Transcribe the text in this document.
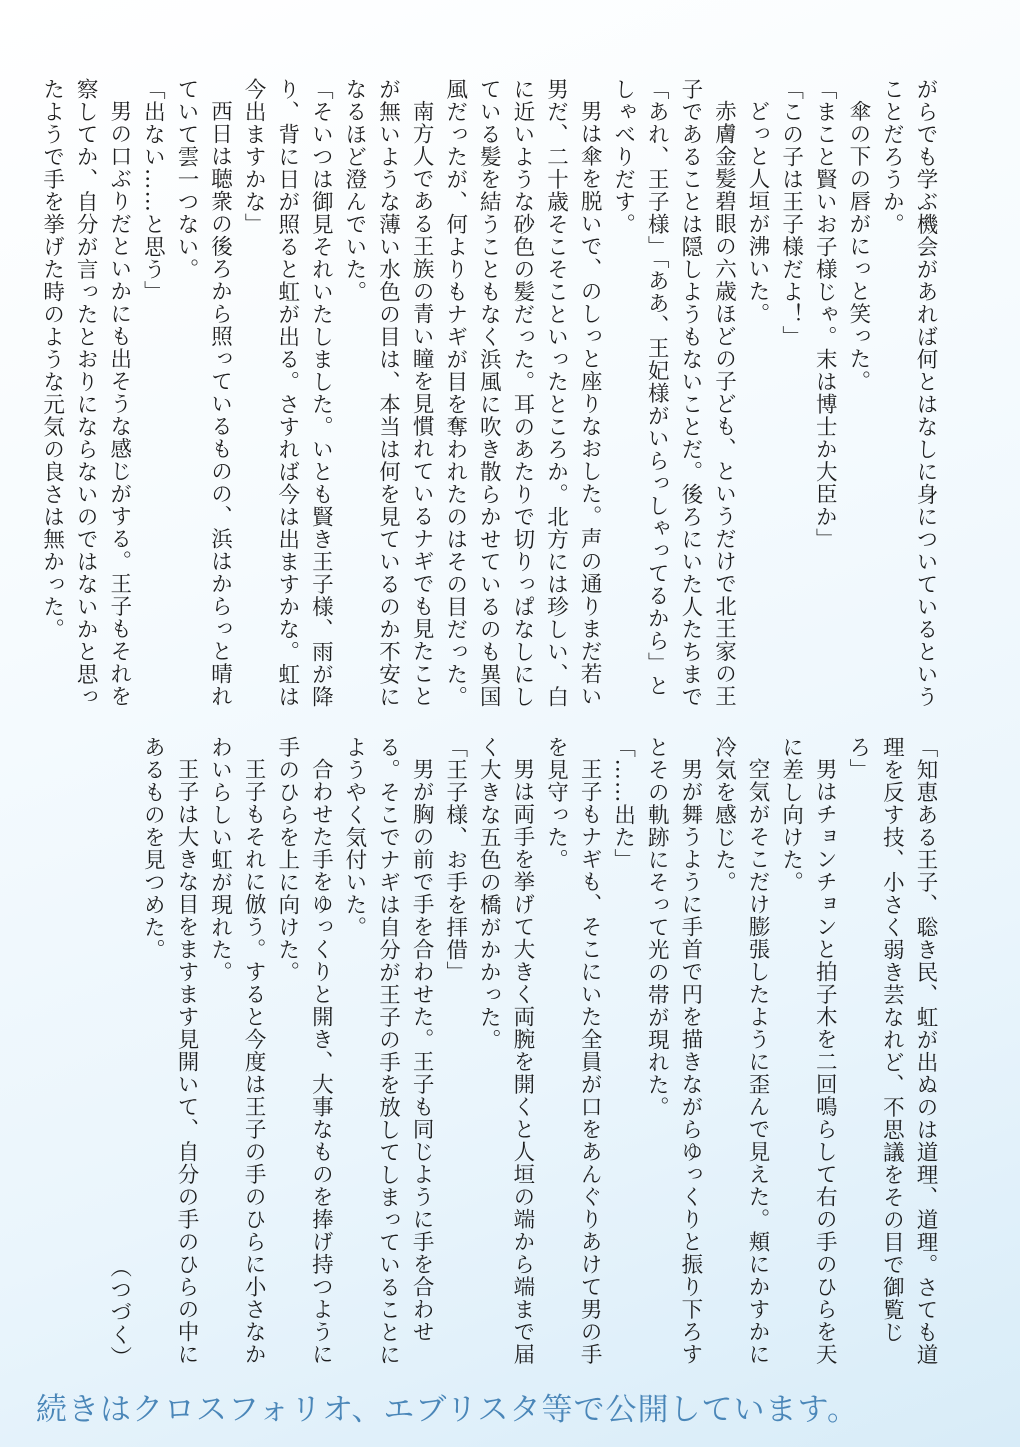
がらでも学ぶ機会があれば何とはなしに身についているということだろうか。

傘の下の唇がにっと笑った。

「まこと賢いお子様じゃ。末は博士か大臣か」

「この子は王子様だよ！」

どっと人垣が沸いた。

赤膚金髪碧眼の六歳ほどの子ども、というだけで北王家の王子であることは隠しようもないことだ。後ろにいた人たちまで「あれ、王子様」「ああ、王妃様がいらっしゃってるから」としゃべりだす。

男は傘を脱いで、のしっと座りなおした。声の通りまだ若い男だ、二十歳そこそこといったところか。北方には珍しい、白に近いような砂色の髪だった。耳のあたりで切りっぱなしにしている髪を結うこともなく浜風に吹き散らかせているのも異国風だったが、何よりもナギが目を奪われたのはその目だった。

南方人である王族の青い瞳を見慣れているナギでも見たことが無いような薄い水色の目は、本当は何を見ているのか不安になるほど澄んでいた。

「そいつは御見それいたしました。いとも賢き王子様、雨が降り、背に日が照ると虹が出る。さすれば今は出ますかな。虹は今出ますかな」

西日は聴衆の後ろから照っているものの、浜はからっと晴れていて雲一つない。

「出ない……と思う」

男の口ぶりだといかにも出そうな感じがする。王子もそれを察してか、自分が言ったとおりにならないのではないかと思ったようで手を挙げた時のような元気の良さは無かった。

「知恵ある王子、聡き民、虹が出ぬのは道理、道理。さても道理を反す技、小さく弱き芸なれど、不思議をその目で御覧じろ」

男はチョンチョンと拍子木を二回鳴らして右の手のひらを天に差し向けた。

空気がそこだけ膨張したように歪んで見えた。頬にかすかに冷気を感じた。

男が舞うように手首で円を描きながらゆっくりと振り下ろすとその軌跡にそって光の帯が現れた。

「……出た」

王子もナギも、そこにいた全員が口をあんぐりあけて男の手を見守った。

男は両手を挙げて大きく両腕を開くと人垣の端から端まで届く大きな五色の橋がかかった。

「王子様、お手を拝借」

男が胸の前で手を合わせた。王子も同じように手を合わせる。そこでナギは自分が王子の手を放してしまっていることにようやく気付いた。

合わせた手をゆっくりと開き、大事なものを捧げ持つように手のひらを上に向けた。

王子もそれに倣う。すると今度は王子の手のひらに小さなかわいらしい虹が現れた。

王子は大きな目をますます見開いて、自分の手のひらの中にあるものを見つめた。

（つづく）

続きはクロスフォリオ、エブリスタ等で公開しています。
